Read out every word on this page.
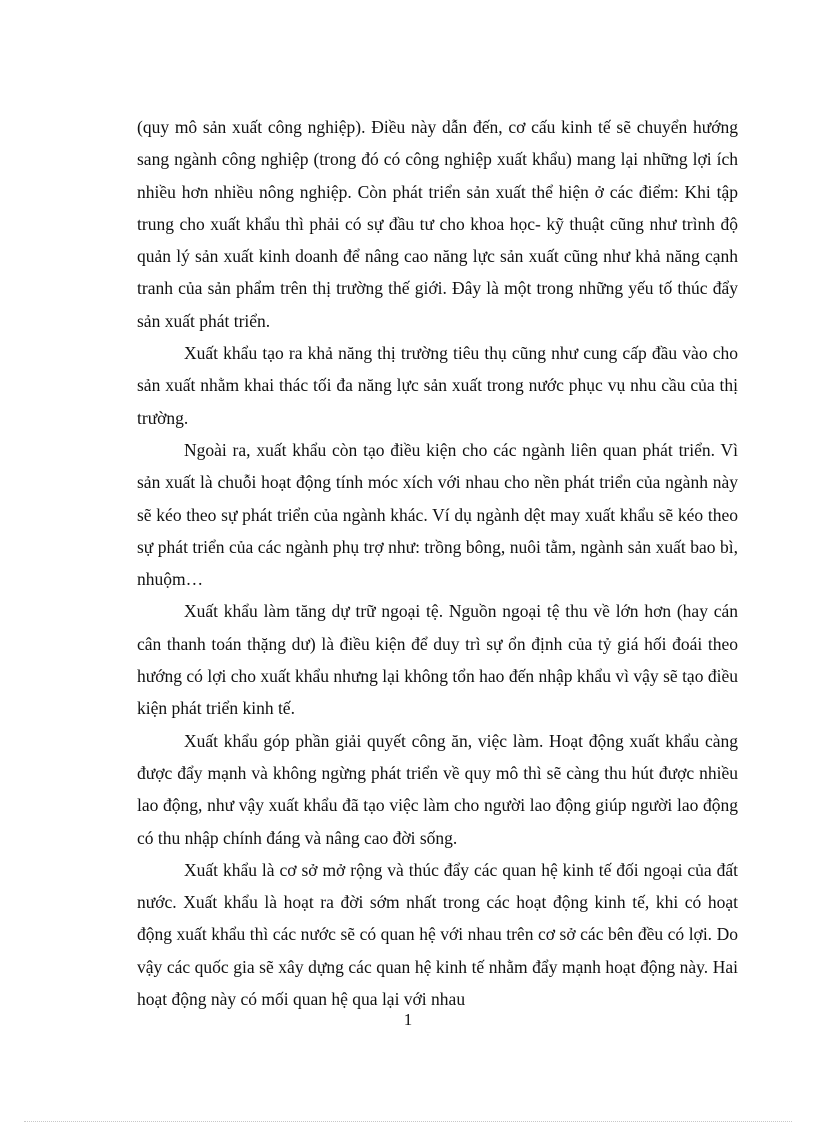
(quy mô sản xuất công nghiệp). Điều này dẫn đến, cơ cấu kinh tế sẽ chuyển hướng sang ngành công nghiệp (trong đó có công nghiệp xuất khẩu) mang lại những lợi ích nhiều hơn nhiều nông nghiệp. Còn phát triển sản xuất thể hiện ở các điểm: Khi tập trung cho xuất khẩu thì phải có sự đầu tư cho khoa học- kỹ thuật cũng như trình độ quản lý sản xuất kinh doanh để nâng cao năng lực sản xuất cũng như khả năng cạnh tranh của sản phẩm trên thị trường thế giới. Đây là một trong những yếu tố thúc đẩy sản xuất phát triển.

Xuất khẩu tạo ra khả năng thị trường tiêu thụ cũng như cung cấp đầu vào cho sản xuất nhằm khai thác tối đa năng lực sản xuất trong nước phục vụ nhu cầu của thị trường.

Ngoài ra, xuất khẩu còn tạo điều kiện cho các ngành liên quan phát triển. Vì sản xuất là chuỗi hoạt động tính móc xích với nhau cho nền phát triển của ngành này sẽ kéo theo sự phát triển của ngành khác. Ví dụ ngành dệt may xuất khẩu sẽ kéo theo sự phát triển của các ngành phụ trợ như: trồng bông, nuôi tằm, ngành sản xuất bao bì, nhuộm…

Xuất khẩu làm tăng dự trữ ngoại tệ. Nguồn ngoại tệ thu về lớn hơn (hay cán cân thanh toán thặng dư) là điều kiện để duy trì sự ổn định của tỷ giá hối đoái theo hướng có lợi cho xuất khẩu nhưng lại không tổn hao đến nhập khẩu vì vậy sẽ tạo điều kiện phát triển kinh tế.

Xuất khẩu góp phần giải quyết công ăn, việc làm. Hoạt động xuất khẩu càng được đẩy mạnh và không ngừng phát triển về quy mô thì sẽ càng thu hút được nhiều lao động, như vậy xuất khẩu đã tạo việc làm cho người lao động giúp người lao động có thu nhập chính đáng và nâng cao đời sống.

Xuất khẩu là cơ sở mở rộng và thúc đẩy các quan hệ kinh tế đối ngoại của đất nước. Xuất khẩu là hoạt ra đời sớm nhất trong các hoạt động kinh tế, khi có hoạt động xuất khẩu thì các nước sẽ có quan hệ với nhau trên cơ sở các bên đều có lợi. Do vậy các quốc gia sẽ xây dựng các quan hệ kinh tế nhằm đẩy mạnh hoạt động này. Hai hoạt động này có mối quan hệ qua lại với nhau

1
